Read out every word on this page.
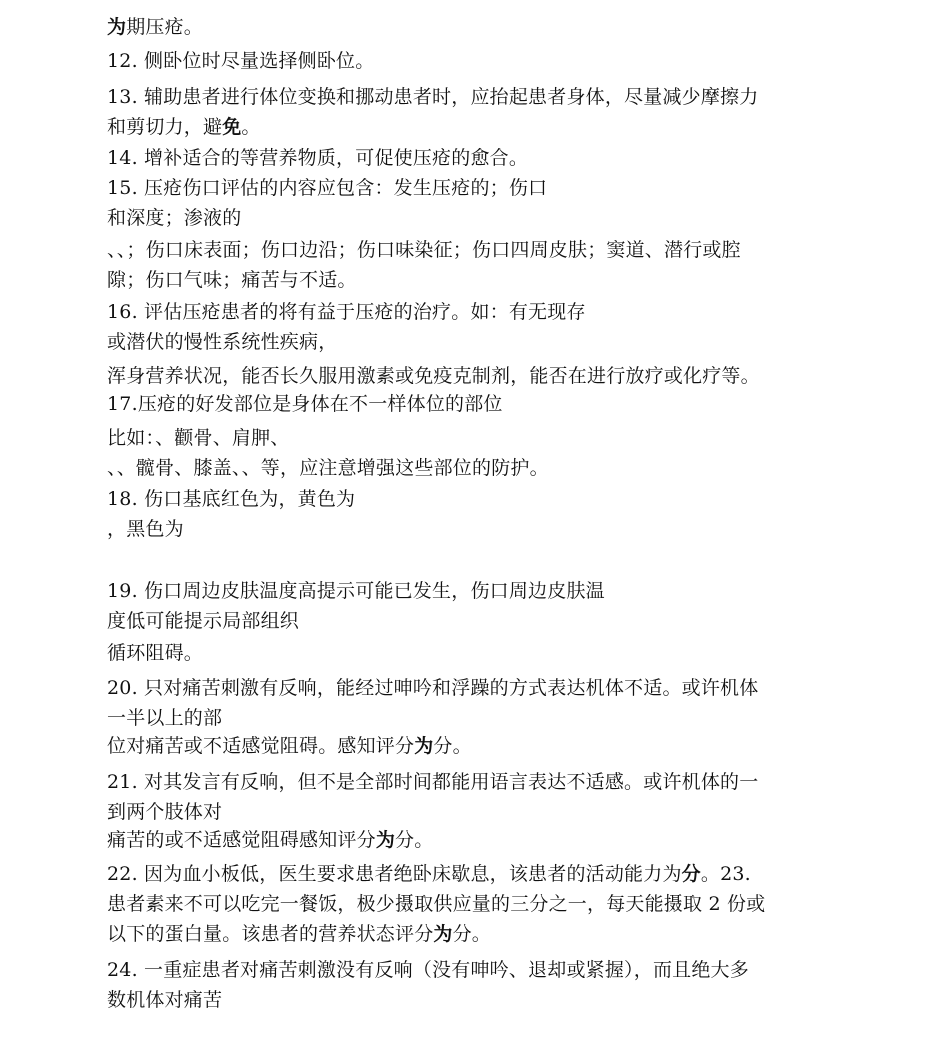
为期压疮。
12. 侧卧位时尽量选择侧卧位。
13. 辅助患者进行体位变换和挪动患者时，应抬起患者身体，尽量减少摩擦力
和剪切力，避免。
14. 增补适合的等营养物质，可促使压疮的愈合。
15. 压疮伤口评估的内容应包含：发生压疮的；伤口
和深度；渗液的
、、；伤口床表面；伤口边沿；伤口味染征；伤口四周皮肤；窦道、潜行或腔
隙；伤口气味；痛苦与不适。
16. 评估压疮患者的将有益于压疮的治疗。如：有无现存
或潜伏的慢性系统性疾病，
浑身营养状况，能否长久服用激素或免疫克制剂，能否在进行放疗或化疗等。
17.压疮的好发部位是身体在不一样体位的部位
比如：、颧骨、肩胛、
、、髋骨、膝盖、、等，应注意增强这些部位的防护。
18. 伤口基底红色为，黄色为
，黑色为
19. 伤口周边皮肤温度高提示可能已发生，伤口周边皮肤温
度低可能提示局部组织
循环阻碍。
20. 只对痛苦刺激有反响，能经过呻吟和浮躁的方式表达机体不适。或许机体
一半以上的部
位对痛苦或不适感觉阻碍。感知评分为分。
21. 对其发言有反响，但不是全部时间都能用语言表达不适感。或许机体的一
到两个肢体对
痛苦的或不适感觉阻碍感知评分为分。
22. 因为血小板低，医生要求患者绝卧床歇息，该患者的活动能力为分。23.
患者素来不可以吃完一餐饭，极少摄取供应量的三分之一，每天能摄取 2 份或
以下的蛋白量。该患者的营养状态评分为分。
24. 一重症患者对痛苦刺激没有反响（没有呻吟、退却或紧握），而且绝大多
数机体对痛苦
